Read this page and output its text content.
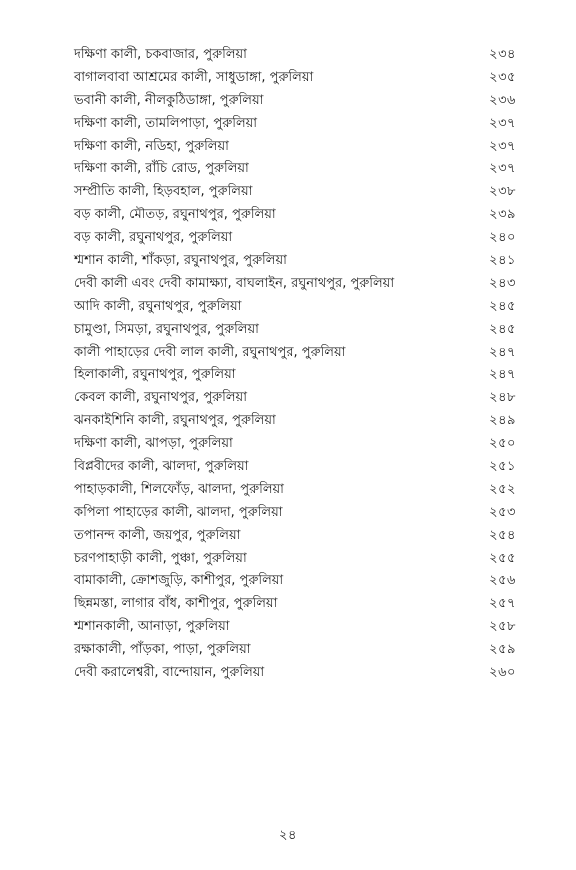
দক্ষিণা কালী, চকবাজার, পুরুলিয়া	২৩৪
বাগালবাবা আশ্রমের কালী, সাধুডাঙ্গা, পুরুলিয়া	২৩৫
ভবানী কালী, নীলকুঠিডাঙ্গা, পুরুলিয়া	২৩৬
দক্ষিণা কালী, তামলিপাড়া, পুরুলিয়া	২৩৭
দক্ষিণা কালী, নডিহা, পুরুলিয়া	২৩৭
দক্ষিণা কালী, রাঁচি রোড, পুরুলিয়া	২৩৭
সম্প্রীতি কালী, হিড়বহাল, পুরুলিয়া	২৩৮
বড় কালী, মৌতড়, রঘুনাথপুর, পুরুলিয়া	২৩৯
বড় কালী, রঘুনাথপুর, পুরুলিয়া	২৪০
শ্মশান কালী, শাঁকড়া, রঘুনাথপুর, পুরুলিয়া	২৪১
দেবী কালী এবং দেবী কামাক্ষ্যা, বাঘলাইন, রঘুনাথপুর, পুরুলিয়া	২৪৩
আদি কালী, রঘুনাথপুর, পুরুলিয়া	২৪৫
চামুণ্ডা, সিমড়া, রঘুনাথপুর, পুরুলিয়া	২৪৫
কালী পাহাড়ের দেবী লাল কালী, রঘুনাথপুর, পুরুলিয়া	২৪৭
হিলাকালী, রঘুনাথপুর, পুরুলিয়া	২৪৭
কেবল কালী, রঘুনাথপুর, পুরুলিয়া	২৪৮
ঝনকাইশিনি কালী, রঘুনাথপুর, পুরুলিয়া	২৪৯
দক্ষিণা কালী, ঝাপড়া, পুরুলিয়া	২৫০
বিপ্লবীদের কালী, ঝালদা, পুরুলিয়া	২৫১
পাহাড়কালী, শিলফোঁড়, ঝালদা, পুরুলিয়া	২৫২
কপিলা পাহাড়ের কালী, ঝালদা, পুরুলিয়া	২৫৩
তপানন্দ কালী, জয়পুর, পুরুলিয়া	২৫৪
চরণপাহাড়ী কালী, পুঞ্চা, পুরুলিয়া	২৫৫
বামাকালী, ক্রোশজুড়ি, কাশীপুর, পুরুলিয়া	২৫৬
ছিন্নমস্তা, লাগার বাঁধ, কাশীপুর, পুরুলিয়া	২৫৭
শ্মশানকালী, আনাড়া, পুরুলিয়া	২৫৮
রক্ষাকালী, পাঁড়কা, পাড়া, পুরুলিয়া	২৫৯
দেবী করালেশ্বরী, বান্দোয়ান, পুরুলিয়া	২৬০
২৪
